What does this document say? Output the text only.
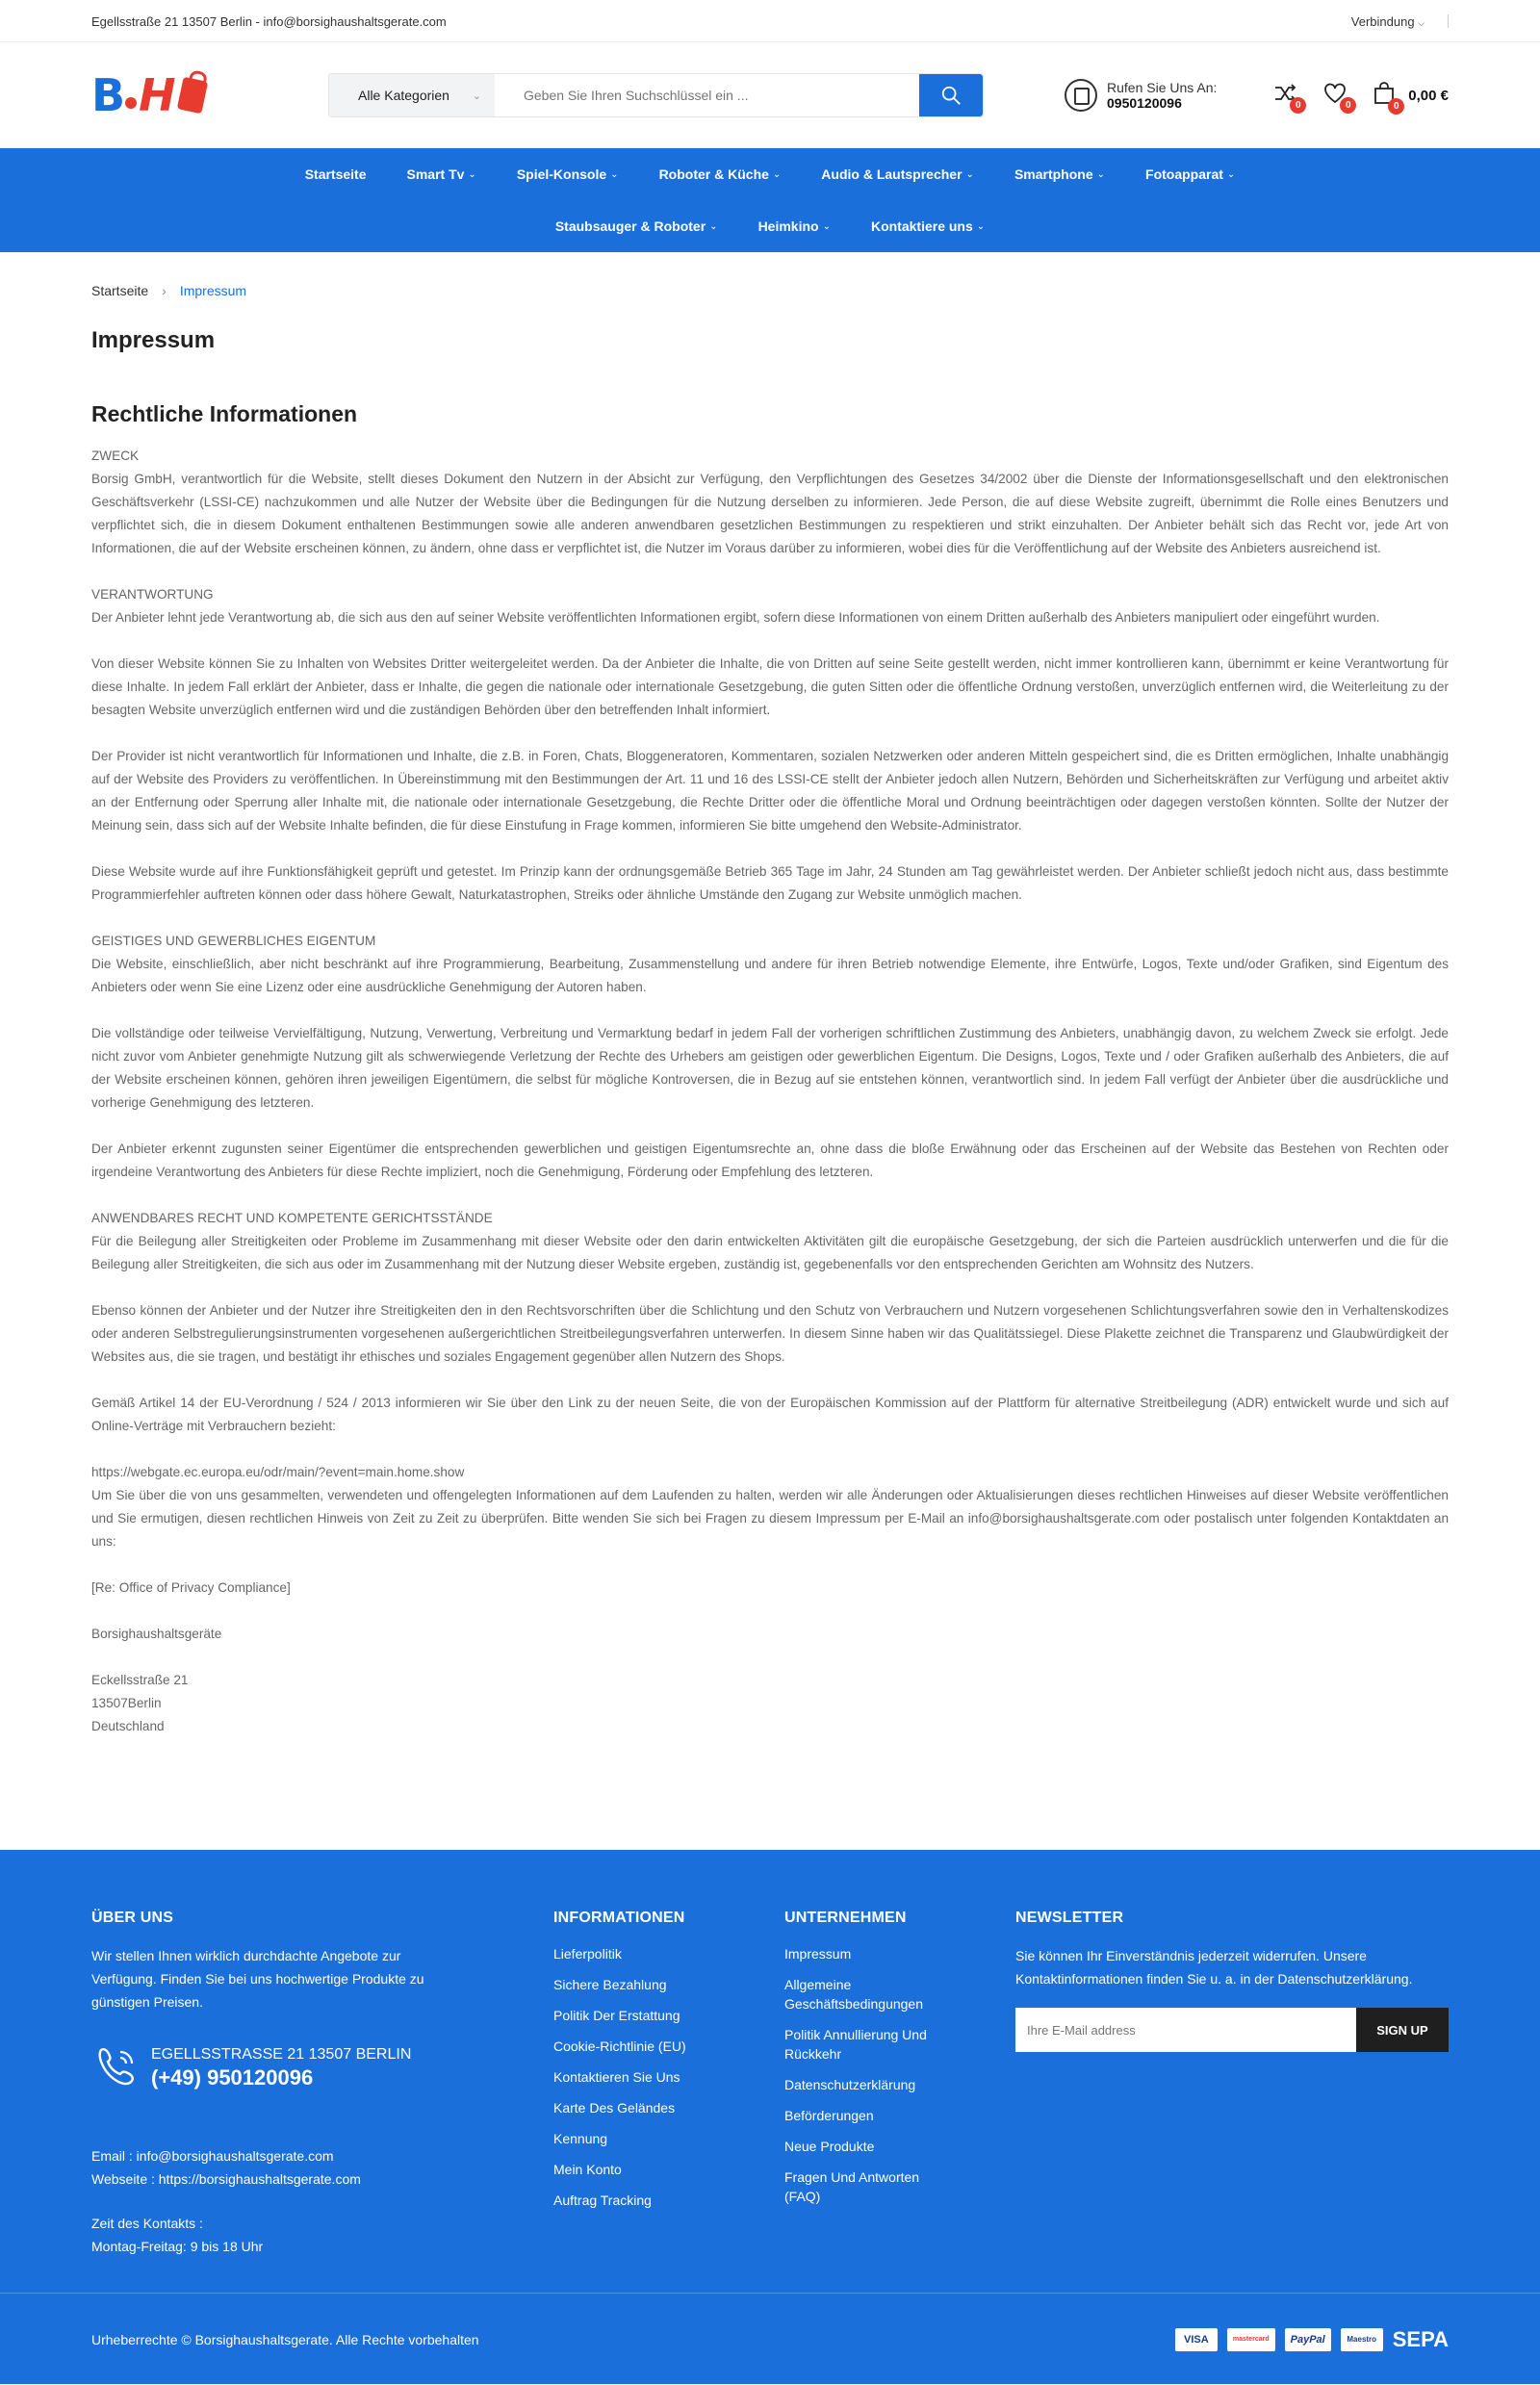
Egellsstraße 21 13507 Berlin - info@borsighaushaltsgerate.com	Verbindung ⌵
B H	Alle Kategorien ⌄
Geben Sie Ihren Suchschlüssel ein ...
Rufen Sie Uns An:
0950120096	0	0	0
0,00 €
Startseite	Smart Tv ⌄	Spiel-Konsole ⌄	Roboter & Küche ⌄	Audio & Lautsprecher ⌄	Smartphone ⌄	Fotoapparat ⌄
Staubsauger & Roboter ⌄	Heimkino ⌄	Kontaktiere uns ⌄
Startseite › Impressum
Impressum
Rechtliche Informationen

ZWECK
Borsig GmbH, verantwortlich für die Website, stellt dieses Dokument den Nutzern in der Absicht zur Verfügung, den Verpflichtungen des Gesetzes 34/2002 über die Dienste der Informationsgesellschaft und den elektronischen Geschäftsverkehr (LSSI-CE) nachzukommen und alle Nutzer der Website über die Bedingungen für die Nutzung derselben zu informieren. Jede Person, die auf diese Website zugreift, übernimmt die Rolle eines Benutzers und verpflichtet sich, die in diesem Dokument enthaltenen Bestimmungen sowie alle anderen anwendbaren gesetzlichen Bestimmungen zu respektieren und strikt einzuhalten. Der Anbieter behält sich das Recht vor, jede Art von Informationen, die auf der Website erscheinen können, zu ändern, ohne dass er verpflichtet ist, die Nutzer im Voraus darüber zu informieren, wobei dies für die Veröffentlichung auf der Website des Anbieters ausreichend ist.

VERANTWORTUNG
Der Anbieter lehnt jede Verantwortung ab, die sich aus den auf seiner Website veröffentlichten Informationen ergibt, sofern diese Informationen von einem Dritten außerhalb des Anbieters manipuliert oder eingeführt wurden.

Von dieser Website können Sie zu Inhalten von Websites Dritter weitergeleitet werden. Da der Anbieter die Inhalte, die von Dritten auf seine Seite gestellt werden, nicht immer kontrollieren kann, übernimmt er keine Verantwortung für diese Inhalte. In jedem Fall erklärt der Anbieter, dass er Inhalte, die gegen die nationale oder internationale Gesetzgebung, die guten Sitten oder die öffentliche Ordnung verstoßen, unverzüglich entfernen wird, die Weiterleitung zu der besagten Website unverzüglich entfernen wird und die zuständigen Behörden über den betreffenden Inhalt informiert.

Der Provider ist nicht verantwortlich für Informationen und Inhalte, die z.B. in Foren, Chats, Bloggeneratoren, Kommentaren, sozialen Netzwerken oder anderen Mitteln gespeichert sind, die es Dritten ermöglichen, Inhalte unabhängig auf der Website des Providers zu veröffentlichen. In Übereinstimmung mit den Bestimmungen der Art. 11 und 16 des LSSI-CE stellt der Anbieter jedoch allen Nutzern, Behörden und Sicherheitskräften zur Verfügung und arbeitet aktiv an der Entfernung oder Sperrung aller Inhalte mit, die nationale oder internationale Gesetzgebung, die Rechte Dritter oder die öffentliche Moral und Ordnung beeinträchtigen oder dagegen verstoßen könnten. Sollte der Nutzer der Meinung sein, dass sich auf der Website Inhalte befinden, die für diese Einstufung in Frage kommen, informieren Sie bitte umgehend den Website-Administrator.

Diese Website wurde auf ihre Funktionsfähigkeit geprüft und getestet. Im Prinzip kann der ordnungsgemäße Betrieb 365 Tage im Jahr, 24 Stunden am Tag gewährleistet werden. Der Anbieter schließt jedoch nicht aus, dass bestimmte Programmierfehler auftreten können oder dass höhere Gewalt, Naturkatastrophen, Streiks oder ähnliche Umstände den Zugang zur Website unmöglich machen.

GEISTIGES UND GEWERBLICHES EIGENTUM
Die Website, einschließlich, aber nicht beschränkt auf ihre Programmierung, Bearbeitung, Zusammenstellung und andere für ihren Betrieb notwendige Elemente, ihre Entwürfe, Logos, Texte und/oder Grafiken, sind Eigentum des Anbieters oder wenn Sie eine Lizenz oder eine ausdrückliche Genehmigung der Autoren haben.

Die vollständige oder teilweise Vervielfältigung, Nutzung, Verwertung, Verbreitung und Vermarktung bedarf in jedem Fall der vorherigen schriftlichen Zustimmung des Anbieters, unabhängig davon, zu welchem Zweck sie erfolgt. Jede nicht zuvor vom Anbieter genehmigte Nutzung gilt als schwerwiegende Verletzung der Rechte des Urhebers am geistigen oder gewerblichen Eigentum. Die Designs, Logos, Texte und / oder Grafiken außerhalb des Anbieters, die auf der Website erscheinen können, gehören ihren jeweiligen Eigentümern, die selbst für mögliche Kontroversen, die in Bezug auf sie entstehen können, verantwortlich sind. In jedem Fall verfügt der Anbieter über die ausdrückliche und vorherige Genehmigung des letzteren.

Der Anbieter erkennt zugunsten seiner Eigentümer die entsprechenden gewerblichen und geistigen Eigentumsrechte an, ohne dass die bloße Erwähnung oder das Erscheinen auf der Website das Bestehen von Rechten oder irgendeine Verantwortung des Anbieters für diese Rechte impliziert, noch die Genehmigung, Förderung oder Empfehlung des letzteren.

ANWENDBARES RECHT UND KOMPETENTE GERICHTSSTÄNDE
Für die Beilegung aller Streitigkeiten oder Probleme im Zusammenhang mit dieser Website oder den darin entwickelten Aktivitäten gilt die europäische Gesetzgebung, der sich die Parteien ausdrücklich unterwerfen und die für die Beilegung aller Streitigkeiten, die sich aus oder im Zusammenhang mit der Nutzung dieser Website ergeben, zuständig ist, gegebenenfalls vor den entsprechenden Gerichten am Wohnsitz des Nutzers.

Ebenso können der Anbieter und der Nutzer ihre Streitigkeiten den in den Rechtsvorschriften über die Schlichtung und den Schutz von Verbrauchern und Nutzern vorgesehenen Schlichtungsverfahren sowie den in Verhaltenskodizes oder anderen Selbstregulierungsinstrumenten vorgesehenen außergerichtlichen Streitbeilegungsverfahren unterwerfen. In diesem Sinne haben wir das Qualitätssiegel. Diese Plakette zeichnet die Transparenz und Glaubwürdigkeit der Websites aus, die sie tragen, und bestätigt ihr ethisches und soziales Engagement gegenüber allen Nutzern des Shops.

Gemäß Artikel 14 der EU-Verordnung / 524 / 2013 informieren wir Sie über den Link zu der neuen Seite, die von der Europäischen Kommission auf der Plattform für alternative Streitbeilegung (ADR) entwickelt wurde und sich auf Online-Verträge mit Verbrauchern bezieht:

https://webgate.ec.europa.eu/odr/main/?event=main.home.show
Um Sie über die von uns gesammelten, verwendeten und offengelegten Informationen auf dem Laufenden zu halten, werden wir alle Änderungen oder Aktualisierungen dieses rechtlichen Hinweises auf dieser Website veröffentlichen und Sie ermutigen, diesen rechtlichen Hinweis von Zeit zu Zeit zu überprüfen. Bitte wenden Sie sich bei Fragen zu diesem Impressum per E-Mail an info@borsighaushaltsgerate.com oder postalisch unter folgenden Kontaktdaten an uns:

[Re: Office of Privacy Compliance]

Borsighaushaltsgeräte

Eckellsstraße 21
13507Berlin
Deutschland

ÜBER UNS

Wir stellen Ihnen wirklich durchdachte Angebote zur Verfügung. Finden Sie bei uns hochwertige Produkte zu günstigen Preisen.

EGELLSSTRASSE 21 13507 BERLIN
(+49) 950120096
Email : info@borsighaushaltsgerate.com
Webseite : https://borsighaushaltsgerate.com
Zeit des Kontakts :
Montag-Freitag: 9 bis 18 Uhr
INFORMATIONEN
Lieferpolitik
Sichere Bezahlung
Politik Der Erstattung
Cookie-Richtlinie (EU)
Kontaktieren Sie Uns
Karte Des Geländes
Kennung
Mein Konto
Auftrag Tracking
UNTERNEHMEN
Impressum
Allgemeine Geschäftsbedingungen
Politik Annullierung Und Rückkehr
Datenschutzerklärung
Beförderungen
Neue Produkte
Fragen Und Antworten (FAQ)
NEWSLETTER

Sie können Ihr Einverständnis jederzeit widerrufen. Unsere Kontaktinformationen finden Sie u. a. in der Datenschutzerklärung.

Ihre E-Mail address
SIGN UP
Urheberrechte © Borsighaushaltsgerate. Alle Rechte vorbehalten	VISA	mastercard	PayPal	Maestro SEPA
